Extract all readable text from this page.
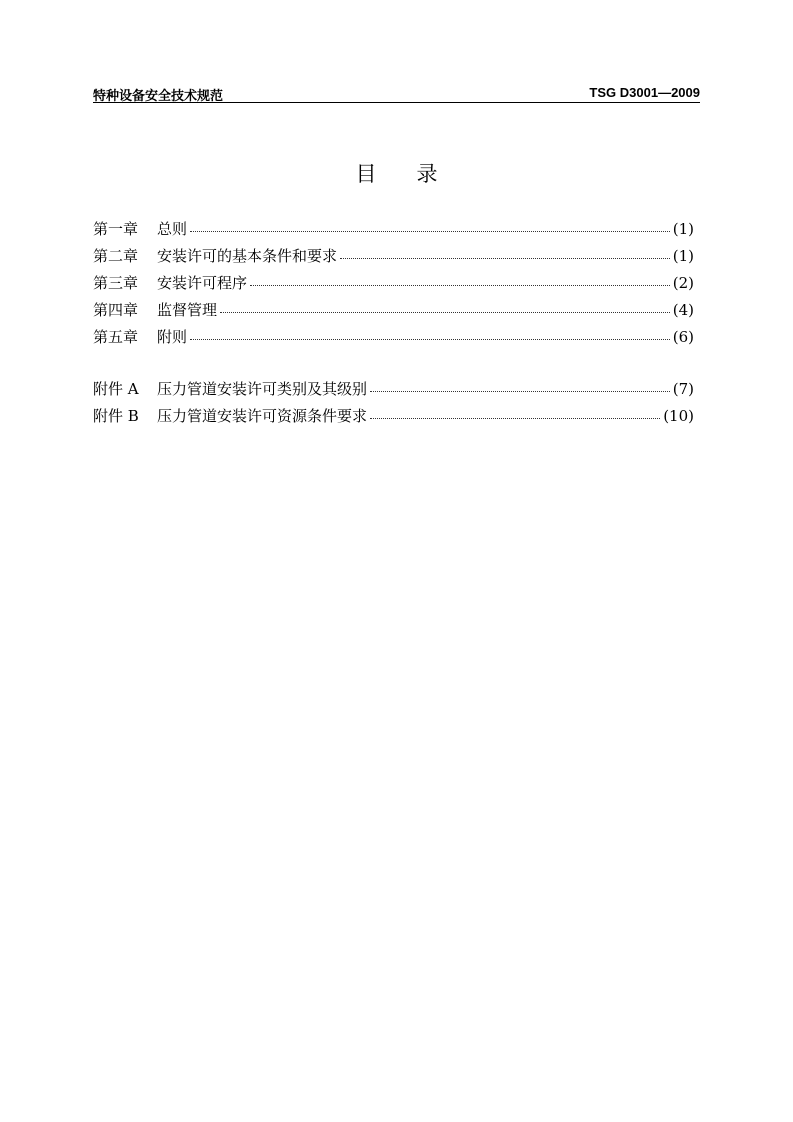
特种设备安全技术规范	TSG D3001—2009
目录
第一章	总则	(1)
第二章	安装许可的基本条件和要求	(1)
第三章	安装许可程序	(2)
第四章	监督管理	(4)
第五章	附则	(6)
附件 A	压力管道安装许可类别及其级别	(7)
附件 B	压力管道安装许可资源条件要求	(10)
